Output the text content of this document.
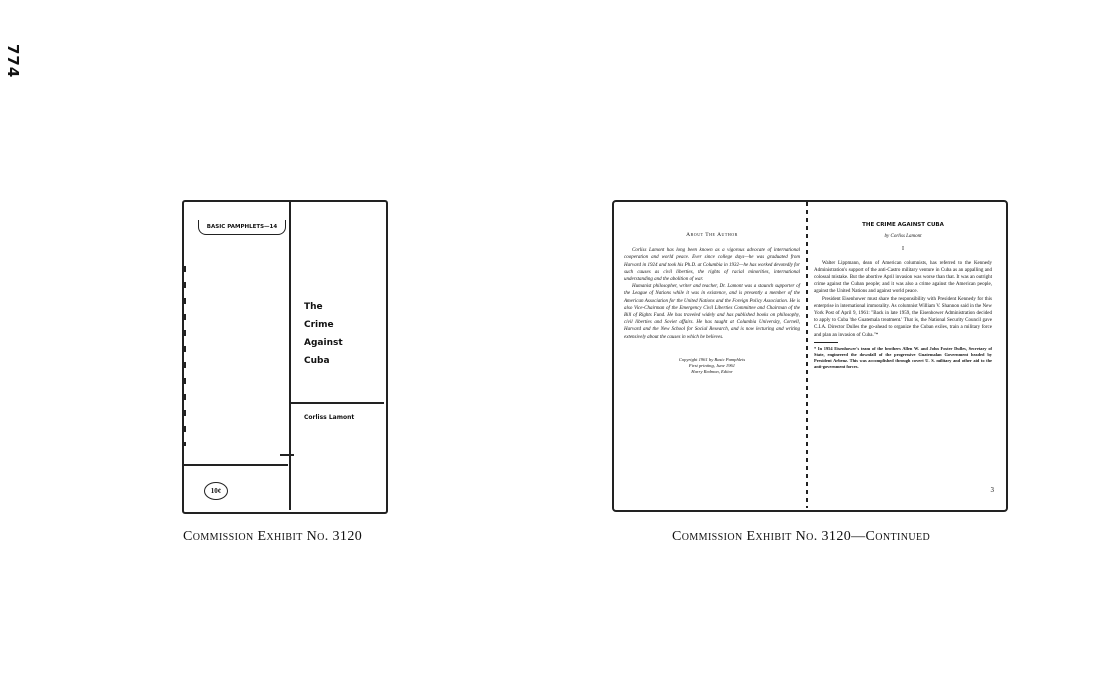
774
BASIC PAMPHLETS—14
10¢
The
Crime
Against
Cuba
Corliss Lamont
Commission Exhibit No. 3120
About The Author

Corliss Lamont has long been known as a vigorous advocate of international cooperation and world peace. Ever since college days—he was graduated from Harvard in 1924 and took his Ph.D. at Columbia in 1932—he has worked devotedly for such causes as civil liberties, the rights of racial minorities, international understanding and the abolition of war.

Humanist philosopher, writer and teacher, Dr. Lamont was a staunch supporter of the League of Nations while it was in existence, and is presently a member of the American Association for the United Nations and the Foreign Policy Association. He is also Vice-Chairman of the Emergency Civil Liberties Committee and Chairman of the Bill of Rights Fund. He has traveled widely and has published books on philosophy, civil liberties and Soviet affairs. He has taught at Columbia University, Cornell, Harvard and the New School for Social Research, and is now lecturing and writing extensively about the causes in which he believes.

Copyright 1961 by Basic Pamphlets
First printing, June 1961
Harry Redmon, Editor
THE CRIME AGAINST CUBA
by Corliss Lamont
I

Walter Lippmann, dean of American columnists, has referred to the Kennedy Administration's support of the anti-Castro military venture in Cuba as an appalling and colossal mistake. But the abortive April invasion was worse than that. It was an outright crime against the Cuban people; and it was also a crime against the American people, against the United Nations and against world peace.

President Eisenhower must share the responsibility with President Kennedy for this enterprise in international immorality. As columnist William V. Shannon said in the New York Post of April 9, 1961: "Back in late 1959, the Eisenhower Administration decided to apply to Cuba 'the Guatemala treatment.' That is, the National Security Council gave C.I.A. Director Dulles the go-ahead to organize the Cuban exiles, train a military force and plan an invasion of Cuba."*

* In 1954 Eisenhower's team of the brothers Allen W. and John Foster Dulles, Secretary of State, engineered the downfall of the progressive Guatemalan Government headed by President Arbenz. This was accomplished through covert U. S. military and other aid to the anti-government forces.
3
Commission Exhibit No. 3120—Continued
